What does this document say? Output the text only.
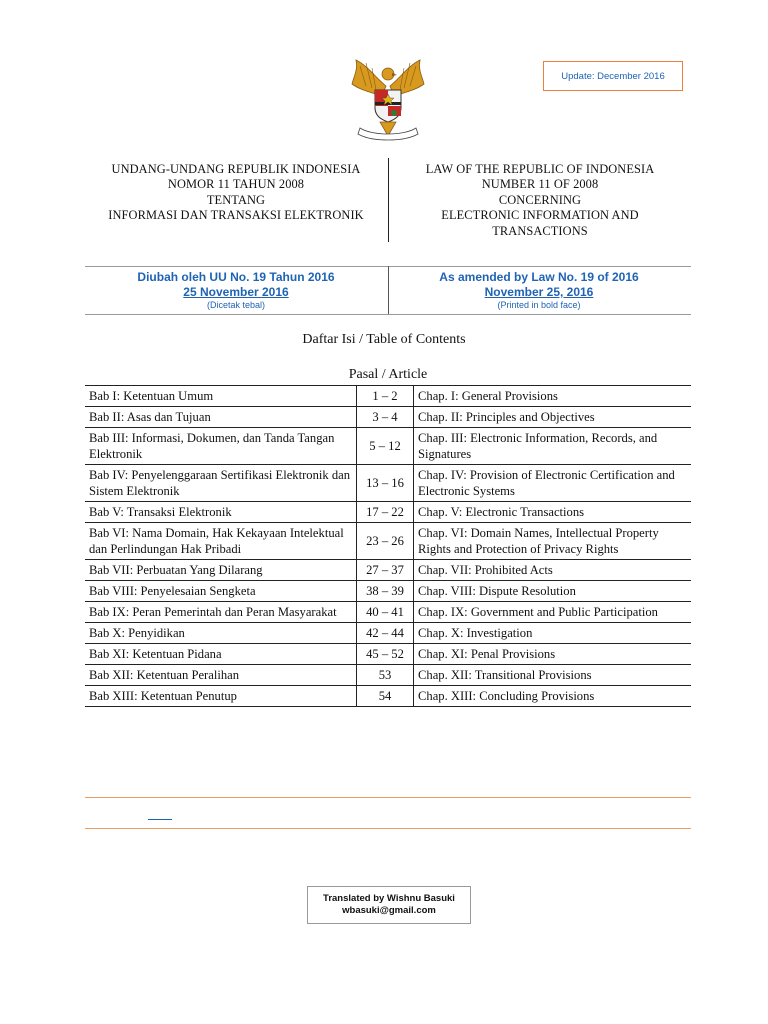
Update: December 2016
UNDANG-UNDANG REPUBLIK INDONESIA
NOMOR 11 TAHUN 2008
TENTANG
INFORMASI DAN TRANSAKSI ELEKTRONIK
LAW OF THE REPUBLIC OF INDONESIA
NUMBER 11 OF 2008
CONCERNING
ELECTRONIC INFORMATION AND
TRANSACTIONS
Diubah oleh UU No. 19 Tahun 2016
25 November 2016
(Dicetak tebal)
As amended by Law No. 19 of 2016
November 25, 2016
(Printed in bold face)
Daftar Isi / Table of Contents
Pasal / Article
Bab I: Ketentuan Umum	1 – 2	Chap. I: General Provisions
Bab II: Asas dan Tujuan	3 – 4	Chap. II: Principles and Objectives
Bab III: Informasi, Dokumen, dan Tanda Tangan Elektronik	5 – 12	Chap. III: Electronic Information, Records, and Signatures
Bab IV: Penyelenggaraan Sertifikasi Elektronik dan Sistem Elektronik	13 – 16	Chap. IV: Provision of Electronic Certification and Electronic Systems
Bab V: Transaksi Elektronik	17 – 22	Chap. V: Electronic Transactions
Bab VI: Nama Domain, Hak Kekayaan Intelektual dan Perlindungan Hak Pribadi	23 – 26	Chap. VI: Domain Names, Intellectual Property Rights and Protection of Privacy Rights
Bab VII: Perbuatan Yang Dilarang	27 – 37	Chap. VII: Prohibited Acts
Bab VIII: Penyelesaian Sengketa	38 – 39	Chap. VIII: Dispute Resolution
Bab IX: Peran Pemerintah dan Peran Masyarakat	40 – 41	Chap. IX: Government and Public Participation
Bab X: Penyidikan	42 – 44	Chap. X: Investigation
Bab XI: Ketentuan Pidana	45 – 52	Chap. XI: Penal Provisions
Bab XII: Ketentuan Peralihan	53	Chap. XII: Transitional Provisions
Bab XIII: Ketentuan Penutup	54	Chap. XIII: Concluding Provisions
Translated by Wishnu Basuki
wbasuki@gmail.com
